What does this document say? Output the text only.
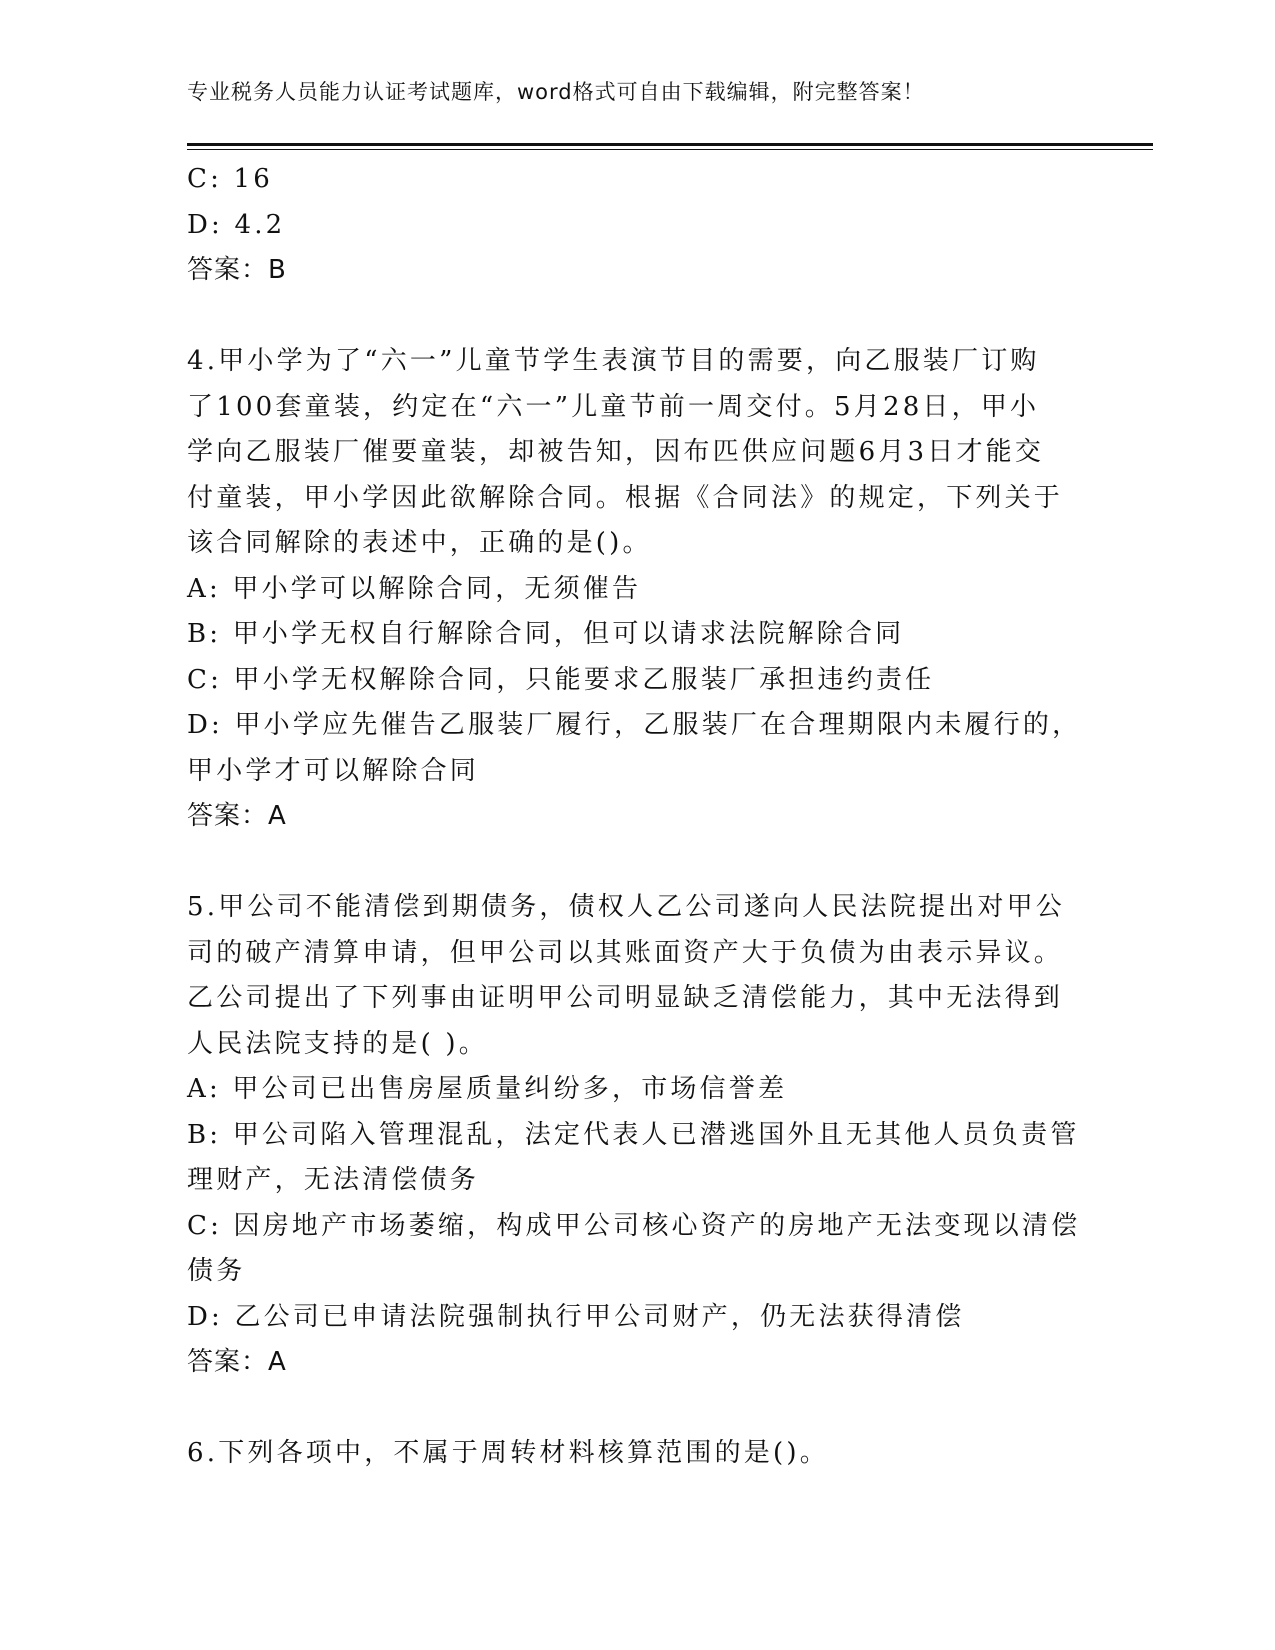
专业税务人员能力认证考试题库，word格式可自由下载编辑，附完整答案！
C: 16
D: 4.2
答案：B
4.甲小学为了“六一”儿童节学生表演节目的需要，向乙服装厂订购
了100套童装，约定在“六一”儿童节前一周交付。5月28日，甲小
学向乙服装厂催要童装，却被告知，因布匹供应问题6月3日才能交
付童装，甲小学因此欲解除合同。根据《合同法》的规定，下列关于
该合同解除的表述中，正确的是()。
A: 甲小学可以解除合同，无须催告
B: 甲小学无权自行解除合同，但可以请求法院解除合同
C: 甲小学无权解除合同，只能要求乙服装厂承担违约责任
D: 甲小学应先催告乙服装厂履行，乙服装厂在合理期限内未履行的，
甲小学才可以解除合同
答案：A
5.甲公司不能清偿到期债务，债权人乙公司遂向人民法院提出对甲公
司的破产清算申请，但甲公司以其账面资产大于负债为由表示异议。
乙公司提出了下列事由证明甲公司明显缺乏清偿能力，其中无法得到
人民法院支持的是( )。
A: 甲公司已出售房屋质量纠纷多，市场信誉差
B: 甲公司陷入管理混乱，法定代表人已潜逃国外且无其他人员负责管
理财产，无法清偿债务
C: 因房地产市场萎缩，构成甲公司核心资产的房地产无法变现以清偿
债务
D: 乙公司已申请法院强制执行甲公司财产，仍无法获得清偿
答案：A
6.下列各项中，不属于周转材料核算范围的是()。
